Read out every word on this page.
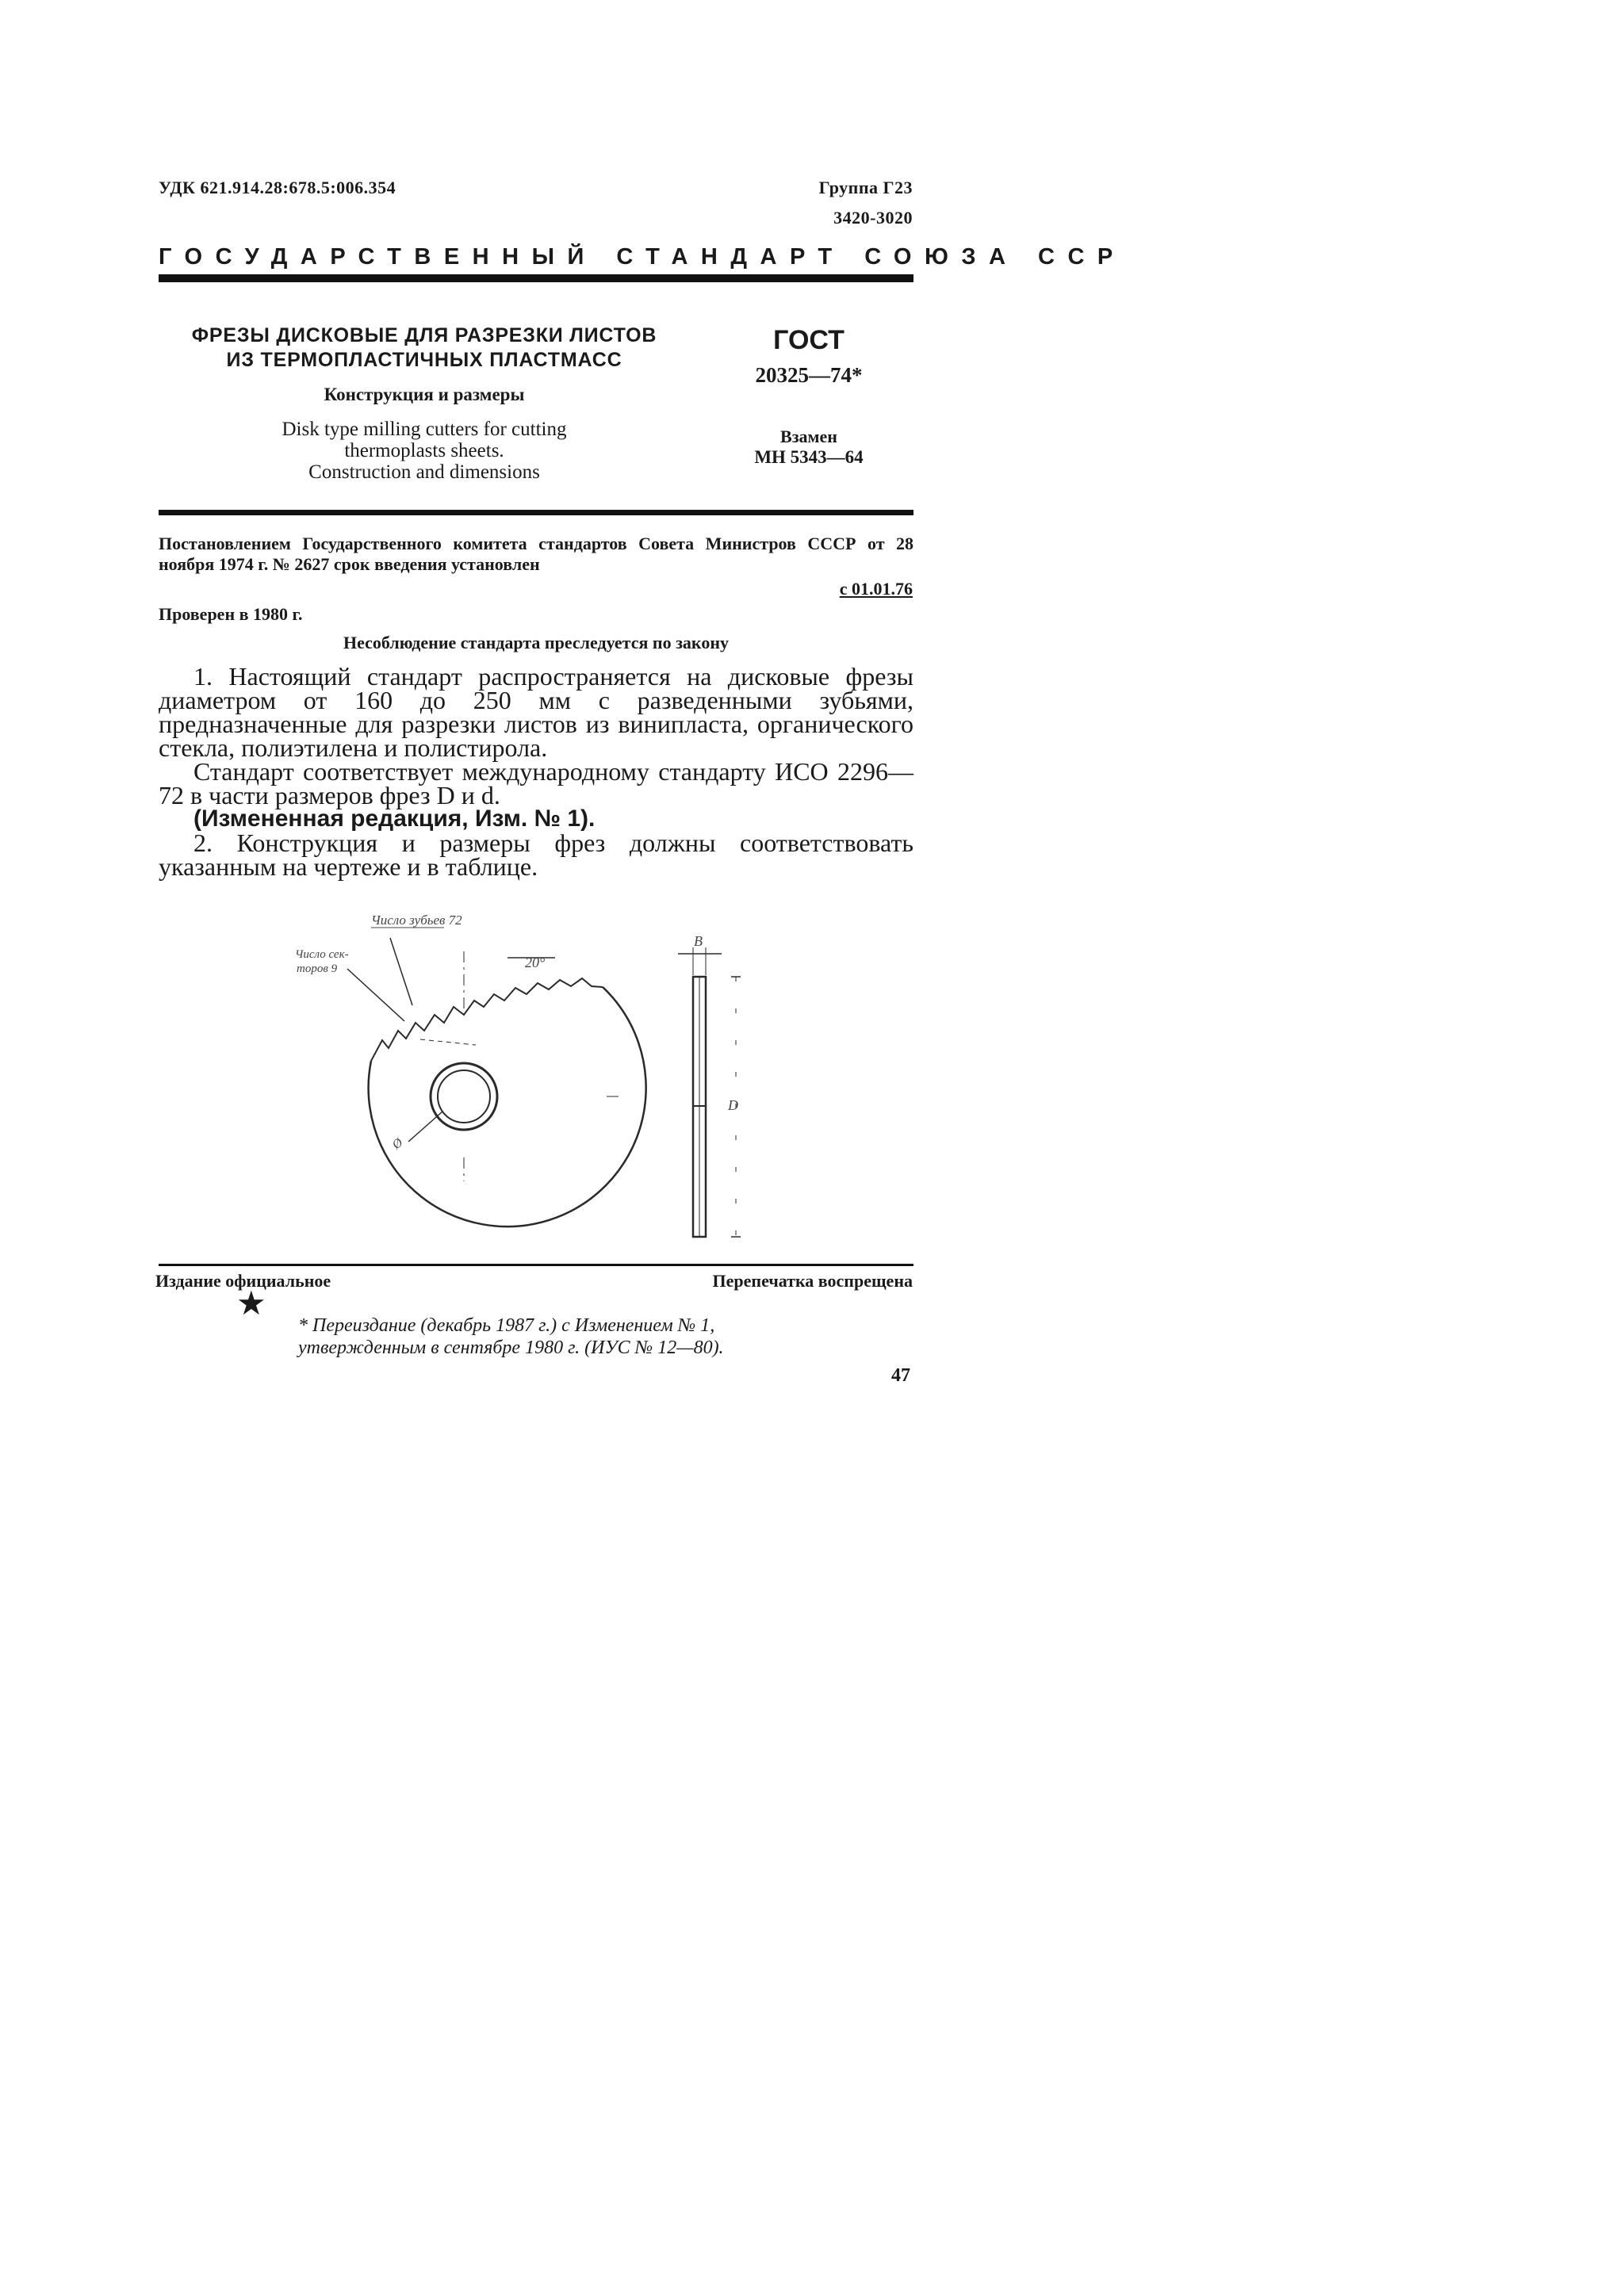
УДК 621.914.28:678.5:006.354	Группа Г23
3420-3020
ГОСУДАРСТВЕННЫЙ СТАНДАРТ СОЮЗА ССР
ФРЕЗЫ ДИСКОВЫЕ ДЛЯ РАЗРЕЗКИ ЛИСТОВ
ИЗ ТЕРМОПЛАСТИЧНЫХ ПЛАСТМАСС
Конструкция и размеры
Disk type milling cutters for cutting
thermoplasts sheets.
Construction and dimensions
ГОСТ
20325—74*
Взамен
МН 5343—64
Постановлением Государственного комитета стандартов Совета Министров СССР от 28 ноября 1974 г. № 2627 срок введения установлен
с 01.01.76
Проверен в 1980 г.
Несоблюдение стандарта преследуется по закону
1. Настоящий стандарт распространяется на дисковые фрезы диаметром от 160 до 250 мм с разведенными зубьями, предназначенные для разрезки листов из винипласта, органического стекла, полиэтилена и полистирола.
Стандарт соответствует международному стандарту ИСО 2296—72 в части размеров фрез D и d.
(Измененная редакция, Изм. № 1).
2. Конструкция и размеры фрез должны соответствовать указанным на чертеже и в таблице.
Число зубьев 72
Число сек-
торов 9	20°
Ø
B
D
Издание официальное	Перепечатка воспрещена
★
* Переиздание (декабрь 1987 г.) с Изменением № 1,
утвержденным в сентябре 1980 г. (ИУС № 12—80).
47
